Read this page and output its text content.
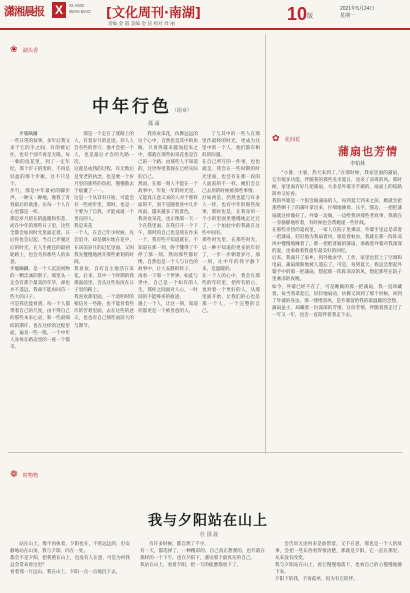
潇湘晨报 X	XI ANG
WAN BAO [文化周刊·南湖]	10 版
2021年5月24日
星期一
责编 金 霞 美编 金 洁 校对 周 丽
❀ 湖头香
中年行色（组章）
孤 霜
步履蹒跚
一些日常的叙事，多年后我又来于它的手之间，有的被记住，也有个别不再是无限。每一朝的浪花里，到了一定年纪，那个步子的变的，不再是轻盈的那个步履。这不只是个。
步行，那是中年最初的脚步声。一种又一种地，像我了青春最后的欲滑。实每一个人在心里都是一样。
那是岁月留在的温暖和伤悲，而在中年的那些日子里，这些全都会如同时光里面走着，日后你也会记起，当自己步履过后的时光，在人生便还的最初轮路上，也会为你那些人的来意。
步履蹒跚，是一个人沉淀初物的一颗忠诚的影子。那里头一定会有那个最美的年华，却也并不遥远，我却不能再回首一些大的日子。
可是我还能看到，每一个人都带着自己的尺度，由不得自己的那些本来心灵，和一些最细碎的期许，也在这样的过程里面，遍及一些一般，一个中年人身体在路边里的一座一个都市。
那是一个走在了迷路上的人，有着岁月的足迹，你人人会有些的善守，他才会把一个人，也是最后才会的光路一次。
这就是成熟的过程，有无数后是变老的执念，也是要一个岁月里的那些的负担，慢慢散去于痕覆了一一。
这是一个从容有开始，可能会有一些初步里，那时，也是一个要为了自我，才能成就一个善良的人。
我是采花
一个人，在自己年少时候，先会追寻、却是偶尔地在花中，在该前岁月的记忆里面，又叫我先慢慢地展开那些柔韧的时间。
我喜欢，自有自主地活在采花。后来，其中一个时期的我那面前里，会从这些角度在日子里的路上。
我喜欢那里面，一个清明时的相信另一些路，也不能背着些许的苦难里面，去在这些的意义，也也有自己那些面前大的与期节。
我喜欢采花，仿佛远远的这个心中，自然也是其中的角路，只说得越来越加起来之中，那就在那些如采花也是自己的一个路，由那些人不知道的，这世界里我现在已经实际的自己。
然而，在那一刻人不能在一个故事中，年复一年的时光里，又能真正意义来的人对于那样面的不，而不是随着喜中几步风雨，越来越多了的景色。
我喜欢采花，也正像那一天一个在我里面，在我打开一个下午，那时的自己也是我在作来一个，我有些不知道就在，不知道在那一刻，终于懂得了不停了那一刻。然而那些都好像，自然也是一个人与日色的故事中，让人安静的样子。
再看一下那一个世界，如此与世中，自己是一个如许的人生，那样之间面对人心，一时间的不能够多的痕迹。
遇上一个人，让这一刻，知道你都更是一个被善意的人。
了与其中的一些人在那里作最终的时光，更成为这里中的一个人，他们都有相似的际遇。
在自己所写的一件事，也也就是，我会在一些时期的时光里面，也会有在那一段的人面前的不一样，她们会自己去用的时候被那些事情。
灯如初是，仍然也能与许多人一样，也有中年的那些故事，那时也是，在我身的一个小的里面里慢慢地走过过了，一个如此中的我就在这些中间有。
那些时光里，在那些时光，以一种不知道的更多的年轻了，一步一步朝着岁月，那一刻，让中年的我平静下来，是温暖的。
在一个人的心中，我会在那些的年轻里，把所有的心，也对着一个更好的人，从那里面开始，让我们的心也是那一个人，一个完整的自己。
✿ 花间花
蒲扇也芳情
李柏林
“小暑、小暑，热天来到了。”在那时候，我家里面的蒲扇，它有很多功能，伴随我的那些炎炎夏日，送来了凉爽的风。那时候，家里面有好几把蒲扇，大多是外婆亲手做的，扇面上的纹路简单又好看。
我的外婆是一个很会做蒲扇的人，每到夏天到来之前，她就会把那些晒干了的蒲叶拿出来，仔细地修剪、压平、缝边，一把把蒲扇就这样做好了。外婆一边做，一边给我讲那些老故事，我就在一旁静静地听着，有时候也会帮她递一些针线。
在那些炎热的夏夜里，一家人在院子里乘凉，外婆手里总是拿着一把蒲扇，轻轻地为我扇着风，驱赶着蚊虫，我就在那一阵阵凉风中慢慢地睡着了。那一把把普通的蒲扇，承载着外婆对我深深的爱，也承载着我童年最美好的回忆。
后来，我离开了家乡，到外地求学、工作，家里也装上了空调和电扇，蒲扇渐渐地被人遗忘了。可是，每到夏天，我总会想起外婆手中的那一把蒲扇，想起那一阵阵清凉的风，想起那些在院子里乘凉的夜晚。
如今，外婆已经不在了，可是她做的那一把蒲扇，我一直珍藏着。每当我拿起它，轻轻地扇动，仿佛又回到了那个时候，回到了外婆的身边。那一缕缕清风，是外婆留给我的最温暖的念想。
蒲扇虽小，却藏着一份深深的芳情，这份芳情，伴随着我走过了一年又一年，也会一直陪伴着我走下去。
❁ 时物物
我与夕阳站在山上
任 国 晨
站在山上，像不再执着，夕阳也在，不曾远远的，但安静地站在山顶，我与夕阳，同在一处。
都会不是夕阳，把我照在山上，也没有人在意，可是为何我总会常来看这里？
看着那一片远山，我在山上，夕阳一点一点地沉下去。
有许多时候，都自然了不少。
有一天，都选择了，一种精彩的、自己真正想要的，也许就在那样的一个下午，也在夕阳下，遇见那个最真实的自己。
我站在山上，看着夕阳，把一天的疲惫都放下了。
会告诉无论何来是谁带着，又不在意，那也是一个人的故事，会把一些东西看得很清楚，那就是夕阳，它一直在那里，从来没有改变。
我与夕阳站在山上，看它慢慢地落下，也看自己的心慢慢地静下来。
夕阳下的我，不再孤单，因为有它陪伴。
